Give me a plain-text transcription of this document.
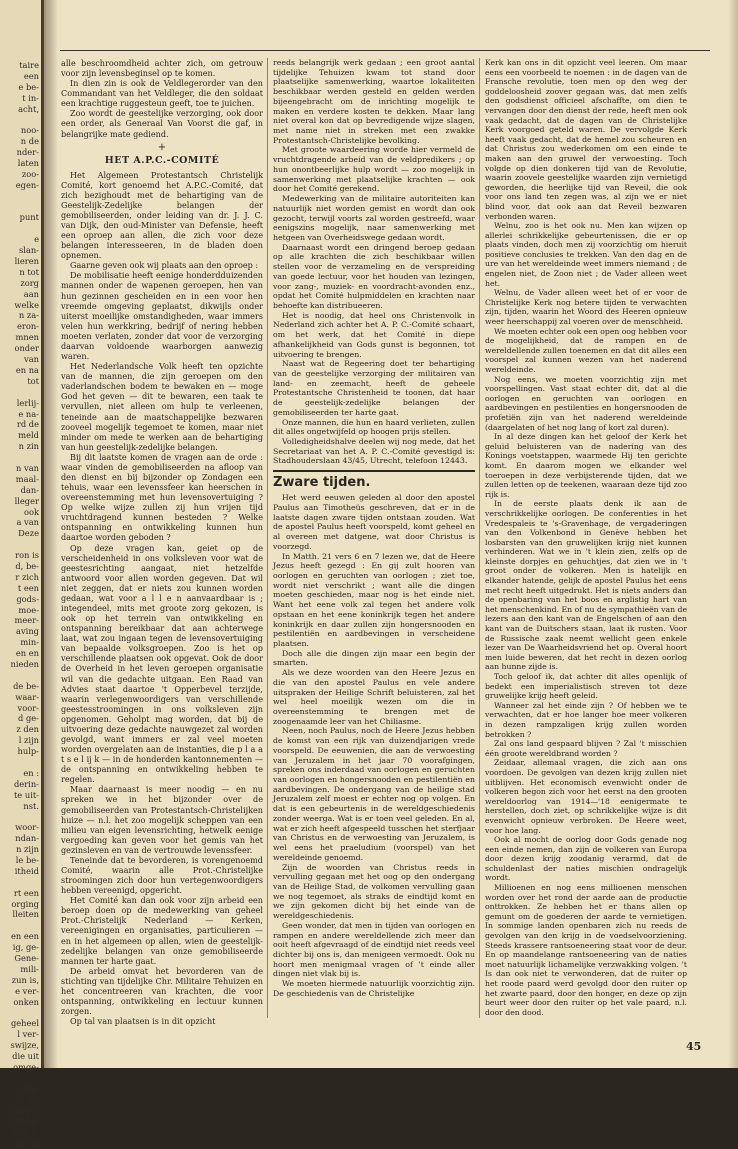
taire
een
e be-
t in-
acht,
noo-
n de
nder-
laten
zoo-
egen-
punt
e
slan-
lieren
n tot
zorg
aan
welke
n za-
eron-
mnen
onder
van
en na
tot
lerlij-
e na-
rd de
meld
n zin
n van
maal-
dan-
lleger
ook
a van
Deze
ron is
d, be-
r zich
t een
gods-
moe-
meer-
aving
min-
en en
nieden
de be-
waar-
voor-
d ge-
z den
l zijn
hulp-
en :
derin-
te uit-
nst.
woor-
ndan-
n zijn
le be-
itheid
rt een
orging
lleiten
en een
ig, ge-
Gene-
mili-
zun is,
e ver-
onken
geheel
l ver-
swijze,
die uit
omge-
r din-
n, als
aaltijd,
iet be-
lijden.
dat hij

alle beschroomdheid achter zich, om getrouw voor zijn levensbeginsel op te komen.

In dien zin is ook de Veldlegerorder van den Commandant van het Veldleger, die den soldaat een krachtige ruggesteun geeft, toe te juichen.

Zoo wordt de geestelijke verzorging, ook door een order, als Generaal Van Voorst die gaf, in belangrijke mate gediend.

+
HET A.P.C.-COMITÉ

Het Algemeen Protestantsch Christelijk Comité, kort genoemd het A.P.C.-Comité, dat zich bezighoudt met de behartiging van de Geestelijk-Zedelijke belangen der gemobiliseerden, onder leiding van dr. J. J. C. van Dijk, den oud-Minister van Defensie, heeft een oproep aan allen, die zich voor deze belangen interesseeren, in de bladen doen opnemen.

Gaarne geven ook wij plaats aan den oproep :

De mobilisatie heeft eenige honderdduizenden mannen onder de wapenen geroepen, hen van hun gezinnen gescheiden en in een voor hen vreemde omgeving geplaatst, dikwijls onder uiterst moeilijke omstandigheden, waar immers velen hun werkkring, bedrijf of nering hebben moeten verlaten, zonder dat voor de verzorging daarvan voldoende waarborgen aanwezig waren.

Het Nederlandsche Volk heeft ten opzichte van de mannen, die zijn geroepen om den vaderlandschen bodem te bewaken en — moge God het geven — dit te bewaren, een taak te vervullen, niet alleen om hulp te verleenen, teneinde aan de maatschappelijke bezwaren zooveel mogelijk tegemoet te komen, maar niet minder om mede te werken aan de behartiging van hun geestelijk-zedelijke belangen.

Bij dit laatste komen de vragen aan de orde : waar vinden de gemobiliseerden na afloop van den dienst en bij bijzonder op Zondagen een tehuis, waar een levenssfeer kan heerschen in overeenstemming met hun levensovertuiging ? Op welke wijze zullen zij hun vrijen tijd vruchtdragend kunnen besteden ? Welke ontspanning en ontwikkeling kunnen hun daartoe worden geboden ?

Op deze vragen kan, geiet op de verscheidenheid in ons volksleven voor wat de geestesrichting aangaat, niet hetzelfde antwoord voor allen worden gegeven. Dat wil niet zeggen, dat er niets zou kunnen worden gedaan, wat voor a l l e n aanvaardbaar is ; integendeel, mits met groote zorg gekozen, is ook op het terrein van ontwikkeling en ontspanning bereikbaar dat aan achterwege laat, wat zou ingaan tegen de levensovertuiging van bepaalde volksgroepen. Zoo is het op verschillende plaatsen ook opgevat. Ook de door de Overheid in het leven geroepen organisatie wil van die gedachte uitgaan. Een Raad van Advies staat daartoe 't Opperbevel terzijde, waarin verlegenwoordigers van verschillende geestesstroomingen in ons volksleven zijn opgenomen. Geholpt mag worden, dat bij de uitvoering deze gedachte nauwgezet zal worden gevolgd, want immers er zal veel moeten worden overgelaten aan de instanties, die p l a a t s e l ij k — in de honderden kantonnementen — de ontspanning en ontwikkeling hebben te regelen.

Maar daarnaast is meer noodig — en nu spreken we in het bijzonder over de gemobiliseerden van Protestantsch-Christelijken huize — n.l. het zoo mogelijk scheppen van een milieu van eigen levensrichting, hetwelk eenige vergoeding kan geven voor het gemis van het gezinsleven en van de vertrouwde levenssfeer.

Teneinde dat te bevorderen, is vorengenoemd Comité, waarin alle Prot.-Christelijke stroomingen zich door hun vertegenwoordigers hebben vereenigd, opgericht.

Het Comité kan dan ook voor zijn arbeid een beroep doen op de medewerking van geheel Prot.-Christelijk Nederland — Kerken, vereenigingen en organisaties, particulieren — en in het algemeen op allen, wien de geestelijk-zedelijke belangen van onze gemobiliseerde mannen ter harte gaat.

De arbeid omvat het bevorderen van de stichting van tijdelijke Chr. Militaire Tehuizen en het concentreeren van krachten, die voor ontspanning, ontwikkeling en lectuur kunnen zorgen.

Op tal van plaatsen is in dit opzicht

reeds belangrijk werk gedaan ; een groot aantal tijdelijke Tehuizen kwam tot stand door plaatselijke samenwerking, waartoe lokaliteiten beschikbaar werden gesteld en gelden werden bijeengebracht om de inrichting mogelijk te maken en verdere kosten te dekken. Maar lang niet overal kon dat op bevredigende wijze slagen, met name niet in streken met een zwakke Protestantsch-Christelijke bevolking.

Met groote waardeering worde hier vermeld de vruchtdragende arbeid van de veldpredikers ; op hun onontbeerlijke hulp wordt — zoo mogelijk in samenwerking met plaatselijke krachten — ook door het Comité gerekend.

Medewerking van de militaire autoriteiten kan natuurlijk niet worden gemist en wordt dan ook gezocht, terwijl voorts zal worden gestreefd, waar eenigszins mogelijk, naar samenwerking met hetgeen van Overheidswege gedaan wordt.

Daarnaast wordt een dringend beroep gedaan op alle krachten die zich beschikbaar willen stellen voor de verzameling en de verspreiding van goede lectuur, voor het houden van lezingen, voor zang-, muziek- en voordracht-avonden enz., opdat het Comité hulpmiddelen en krachten naar behoefte kan distribueeren.

Het is noodig, dat heel ons Christenvolk in Nederland zich achter het A. P. C.-Comité schaart, om het werk, dat het Comité in diepe afhankelijkheid van Gods gunst is begonnen, tot uitvoering te brengen.

Naast wat de Regeering doet ter behartiging van de geestelijke verzorging der militairen van land- en zeemacht, heeft de geheele Protestantsche Christenheid te toonen, dat haar de geestelijk-zedelijke belangen der gemobiliseerden ter harte gaat.

Onze mannen, die hun en haard verlieten, zullen dit alles ongetwijfeld op hoogen prijs stellen.

Volledigheidshalve deelen wij nog mede, dat het Secretariaat van het A. P. C.-Comité gevestigd is: Stadhouderslaan 43/45, Utrecht, telefoon 12443.

Zware tijden.

Het werd eeuwen geleden al door den apostel Paulus aan Timotheüs geschreven, dat er in de laatste dagen zware tijden ontstaan zouden. Wat de apostel Paulus heeft voorspeld, komt geheel en al overeen met datgene, wat door Christus is voorzegd.

In Matth. 21 vers 6 en 7 lezen we, dat de Heere Jezus heeft gezegd : En gij zult hooren van oorlogen en geruchten van oorlogen ; ziet toe, wordt niet verschrikt ; want alle die dingen moeten geschieden, maar nog is het einde niet. Want het eene volk zal tegen het andere volk opstaan en het eene koninkrijk tegen het andere koninkrijk en daar zullen zijn hongersnooden en pestilentiën en aardbevingen in verscheidene plaatsen.

Doch alle die dingen zijn maar een begin der smarten.

Als we deze woorden van den Heere Jezus en die van den apostel Paulus en vele andere uitspraken der Heilige Schrift beluisteren, zal het wel heel moeilijk wezen om die in overeenstemming te brengen met de zoogenaamde leer van het Chiliasme.

Neen, noch Paulus, noch de Heere Jezus hebben de komst van een rijk van duizendjarigen vrede voorspeld. De eeuwenien, die aan de verwoesting van Jeruzalem in het jaar 70 voorafgingen, spreken ons inderdaad van oorlogen en geruchten van oorlogen en hongersnooden en pestilentiën en aardbevingen. De ondergang van de heilige stad Jeruzalem zelf moest er echter nog op volgen. En dat is een gebeurtenis in de wereldgeschiedenis zonder weerga. Wat is er toen veel geleden. En al, wat er zich heeft afgespeeld tusschen het sterfjaar van Christus en de verwoesting van Jeruzalem, is wel eens het praeludium (voorspel) van het wereldeinde genoemd.

Zijn de woorden van Christus reeds in vervulling gegaan met het oog op den ondergang van de Heilige Stad, de volkomen vervulling gaan we nog tegemoet, als straks de eindtijd komt en we zijn gekomen dicht bij het einde van de wereldgeschiedenis.

Geen wonder, dat men in tijden van oorlogen en rampen en andere wereldellende zich meer dan ooit heeft afgevraagd of de eindtijd niet reeds veel dichter bij ons is, dan menigeen vermoedt. Ook nu hoort men menigmaal vragen of 't einde aller dingen niet vlak bij is.

We moeten hiermede natuurlijk voorzichtig zijn. De geschiedenis van de Christelijke

Kerk kan ons in dit opzicht veel leeren. Om maar eens een voorbeeld te noemen : in de dagen van de Fransche revolutie, toen men op den weg der goddeloosheid zoover gegaan was, dat men zelfs den godsdienst officieel afschaffte, om dien te vervangen door den dienst der rede, heeft men ook vaak gedacht, dat de dagen van de Christelijke Kerk voorgoed geteld waren. De vervolgde Kerk heeft vaak gedacht, dat de hemel zou scheuren en dat Christus zou wederkomen om een einde te maken aan den gruwel der verwoesting. Toch volgde op dien donkeren tijd van de Revolutie, waarin zoovele geestelijke waarden zijn vernietigd geworden, die heerlijke tijd van Reveil, die ook voor ons land ten zegen was, al zijn we er niet blind voor, dat ook aan dat Reveil bezwaren verbonden waren.

Welnu, zoo is het ook nu. Men kan wijzen op allerlei schrikkelijke gebeurtenissen, die er op plaats vinden, doch men zij voorzichtig om hieruit positieve conclusies te trekken. Van den dag en de ure van het wereldeinde weet immers niemand ; de engelen niet, de Zoon niet ; de Vader alleen weet het.

Welnu, de Vader alleen weet het of er voor de Christelijke Kerk nog betere tijden te verwachten zijn, tijden, waarin het Woord des Heeren opnieuw weer heerschappij zal voeren over de menschheid.

We moeten echter ook een open oog hebben voor de mogelijkheid, dat de rampen en de wereldellende zullen toenemen en dat dit alles een voorspel zal kunnen wezen van het naderend wereldeinde.

Nog eens, we moeten voorzichtig zijn met voorspellingen. Vast staat echter dit, dat al die oorlogen en geruchten van oorlogen en aardbevingen en pestilenties en hongersnooden de profetiën zijn van het naderend wereldeinde (daargelaten of het nog lang of kort zal duren).

In al deze dingen kan het geloof der Kerk het geluid beluisteren van de nadering van des Konings voetstappen, waarmede Hij ten gerichte komt. En daarom mogen we elkander wel toeroepen in deze verbijsterende tijden, dat we zullen letten op de teekenen, waaraan deze tijd zoo rijk is.

In de eerste plaats denk ik aan de verschrikkelijke oorlogen. De conferenties in het Vredespaleis te 's-Gravenhage, de vergaderingen van den Volkenbond in Genève hebben het losbarsten van den gruwelijken krijg niet kunnen verhinderen. Wat we in 't klein zien, zelfs op de kleinste dorpjes en gehuchtjes, dat zien we in 't groot onder de volkeren. Men is hatelijk en elkander hatende, gelijk de apostel Paulus het eens met recht heeft uitgedrukt. Het is niets anders dan de openbaring van het boos en arglistig hart van het menschenkind. En of nu de sympathieën van de lezers aan den kant van de Engelschen of aan den kant van de Duitschers staan, laat ik rusten. Voor de Russische zaak neemt wellicht geen enkele lezer van De Waarheidsvriend het op. Overal hoort men luide beweren, dat het recht in dezen oorlog aan hunne zijde is.

Toch geloof ik, dat achter dit alles openlijk of bedekt een imperialistisch streven tot deze gruwelijke krijg heeft geleid.

Wanneer zal het einde zijn ? Of hebben we te verwachten, dat er hoe langer hoe meer volkeren in dezen rampzaligen krijg zullen worden betrokken ?

Zal ons land gespaard blijven ? Zal 't misschien één groote wereldbrand worden ?

Zeidaar, allemaal vragen, die zich aan ons voordoen. De gevolgen van dezen krijg zullen niet uitblijven. Het economisch evenwicht onder de volkeren begon zich voor het eerst na den grooten wereldoorlog van 1914—'18 eenigermate te herstellen, doch ziet, op schrikkelijke wijze is dit evenwicht opnieuw verbroken. De Heere weet, voor hoe lang.

Ook al mocht de oorlog door Gods genade nog een einde nemen, dan zijn de volkeren van Europa door dezen krijg zoodanig verarmd, dat de schuldenlast der naties mischien ondragelijk wordt.

Millioenen en nog eens millioenen menschen worden over het rond der aarde aan de productie onttrokken. Ze hebben het er thans allen op gemunt om de goederen der aarde te vernietigen. In sommige landen openbaren zich nu reeds de gevolgen van den krijg in de voedselvoorziening. Steeds krassere rantsoeneering staat voor de deur. En op maandelange rantsoeneering van de naties moet natuurlijk lichamelijke verzwakking volgen. 't Is dan ook niet te verwonderen, dat de ruiter op het roode paard werd gevolgd door den ruiter op het zwarte paard, door den honger, en deze op zijn beurt weer door den ruiter op het vale paard, n.l. door den dood.

45
